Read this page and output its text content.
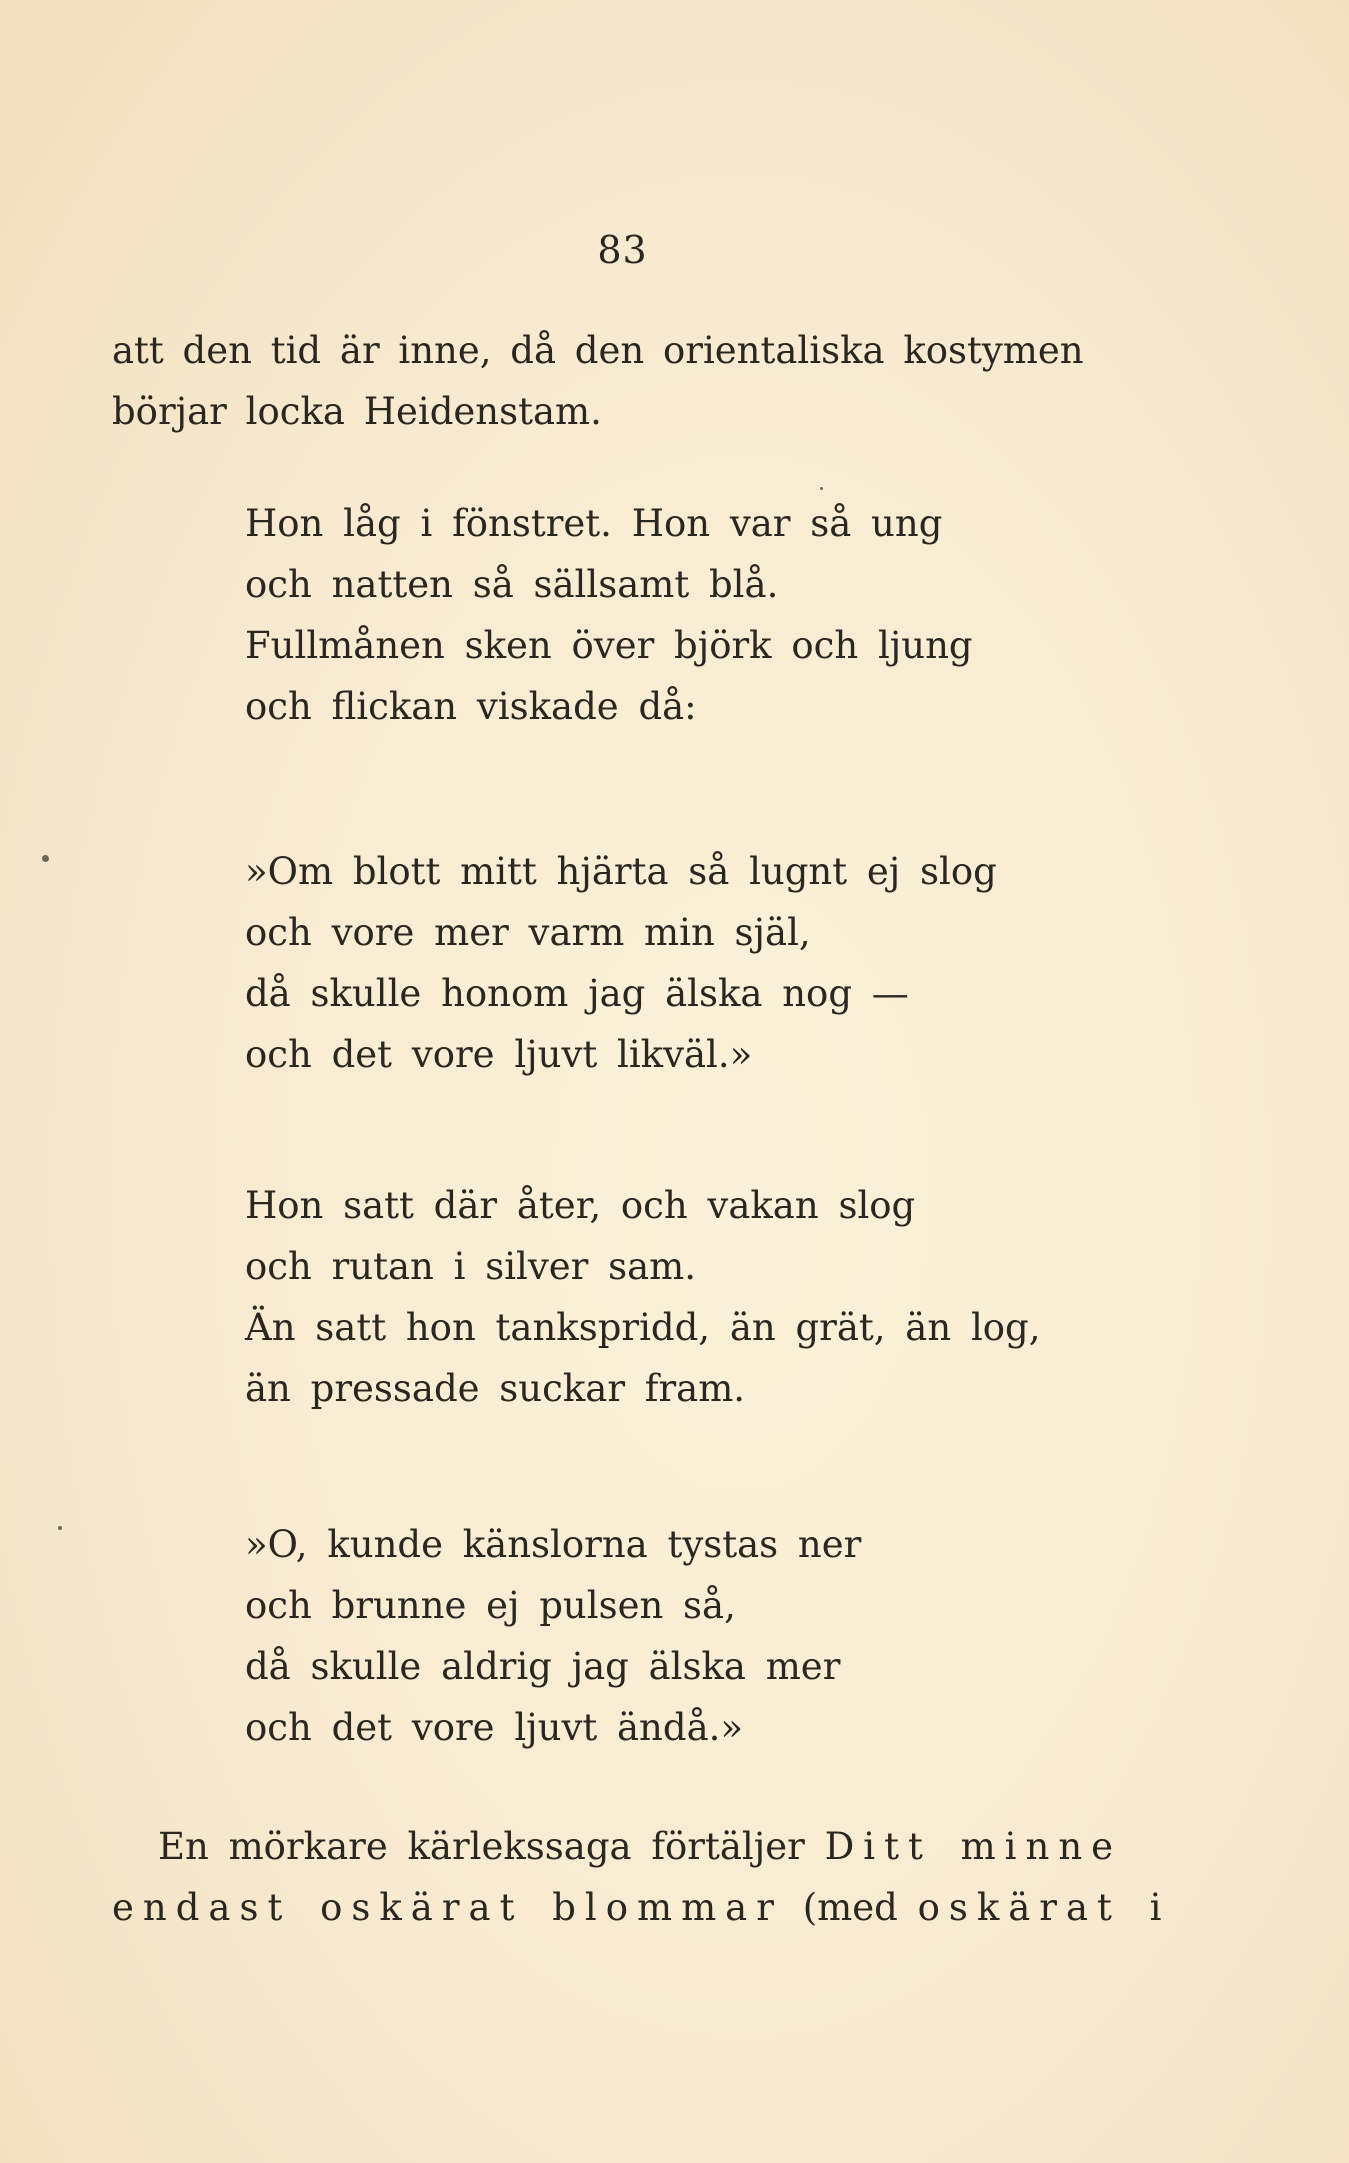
83
att den tid är inne, då den orientaliska kostymen
börjar locka Heidenstam.
Hon låg i fönstret. Hon var så ung
och natten så sällsamt blå.
Fullmånen sken över björk och ljung
och flickan viskade då:
»Om blott mitt hjärta så lugnt ej slog
och vore mer varm min själ,
då skulle honom jag älska nog —
och det vore ljuvt likväl.»
Hon satt där åter, och vakan slog
och rutan i silver sam.
Än satt hon tankspridd, än grät, än log,
än pressade suckar fram.
»O, kunde känslorna tystas ner
och brunne ej pulsen så,
då skulle aldrig jag älska mer
och det vore ljuvt ändå.»
En mörkare kärlekssaga förtäljer Ditt minne
endast oskärat blommar (med oskärat i
